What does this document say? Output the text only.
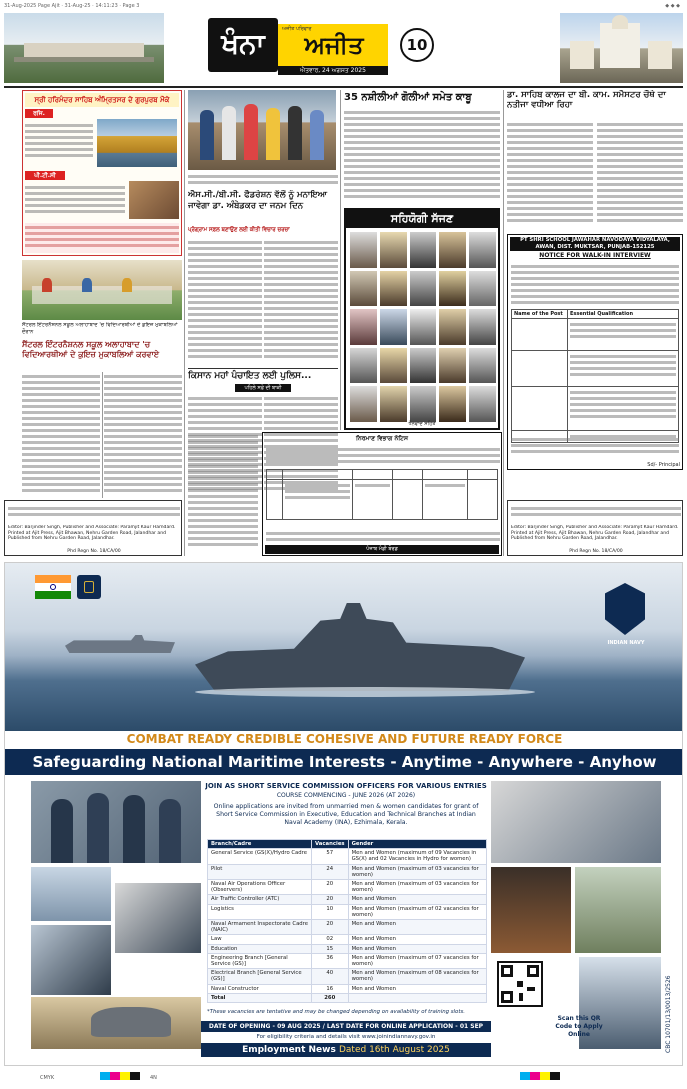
31-Aug-2025 Page Ajit · 31-Aug-25 · 14:11:23 · Page 3	◆ ◆ ◆
ਖੰਨਾ	ਅਜੀਤ ਪਰਿਵਾਰ
ਅਜੀਤ
ਐਤਵਾਰ, 24 ਅਗਸਤ 2025
10
ਸ੍ਰੀ ਹਰਿਮੰਦਰ ਸਾਹਿਬ ਅੰਮ੍ਰਿਤਸਰ ਦੇ ਗੁਰਪੁਰਬ ਮੌਕੇ
ਰਜਿ.
ਪੀ.ਟੀ.ਸੀ
ਸੈਂਟਰਲ ਇੰਟਰਨੈਸ਼ਨਲ ਸਕੂਲ ਅਲਾਹਾਬਾਦ 'ਚ ਵਿਦਿਆਰਥੀਆਂ ਦੇ ਕੁਇਜ਼ ਮੁਕਾਬਲਿਆਂ ਦੌਰਾਨ
ਸੈਂਟਰਲ ਇੰਟਰਨੈਸ਼ਨਲ ਸਕੂਲ ਅਲਾਹਾਬਾਦ 'ਚ ਵਿਦਿਆਰਥੀਆਂ ਦੇ ਕੁਇਜ਼ ਮੁਕਾਬਲਿਆਂ ਕਰਵਾਏ
Editor: Barjinder Singh, Publisher and Associate: Paramjit Kaur Hamdard. Printed at Ajit Press, Ajit Bhawan, Nehru Garden Road, Jalandhar and Published from Nehru Garden Road, Jalandhar.
Phd Regn No. 18/CA/00
ਐਸ.ਸੀ./ਬੀ.ਸੀ. ਫੈਡਰੇਸ਼ਨ ਵੱਲੋਂ ਨੂੰ ਮਨਾਇਆ ਜਾਵੇਗਾ ਡਾ. ਅੰਬੇਡਕਰ ਦਾ ਜਨਮ ਦਿਨ
ਪ੍ਰੋਗ੍ਰਾਮ ਸਫ਼ਲ ਬਣਾਉਣ ਲਈ ਕੀਤੀ ਵਿਚਾਰ ਚਰਚਾ
ਕਿਸਾਨ ਮਹਾਂ ਪੰਚਾਇਤ ਲਈ ਪੁਲਿਸ...
ਪਹਿਲੇ ਸਫ਼ੇ ਦੀ ਬਾਕੀ
35 ਨਸ਼ੀਲੀਆਂ ਗੋਲੀਆਂ ਸਮੇਤ ਕਾਬੂ
ਸਹਿਯੋਗੀ ਸੱਜਣ
ਧੰਨਵਾਦ ਸਹਿਤ
ਡਾ. ਸਾਹਿਬ ਕਾਲਜ ਦਾ ਬੀ. ਕਾਮ. ਸਮੈਸਟਰ ਚੌਥੇ ਦਾ ਨਤੀਜਾ ਵਧੀਆ ਰਿਹਾ
PT SHRI SCHOOL JAWAHAR NAVODAYA VIDYALAYA, AWAN, DIST. MUKTSAR, PUNJAB-152125
NOTICE FOR WALK-IN INTERVIEW
Name of the Post	Essential Qualification

Sd/- Principal
ਨਿਰਮਾਣ ਵਿਭਾਗ ਨੋਟਿਸ

ਪੰਜਾਬ ਮੰਡੀ ਬੋਰਡ
Editor: Barjinder Singh, Publisher and Associate: Paramjit Kaur Hamdard. Printed at Ajit Press, Ajit Bhawan, Nehru Garden Road, Jalandhar and Published from Nehru Garden Road, Jalandhar.
Phd Regn No. 18/CA/00
INDIAN NAVY
COMBAT READY CREDIBLE COHESIVE AND FUTURE READY FORCE
Safeguarding National Maritime Interests - Anytime - Anywhere - Anyhow
Scan this QR Code to Apply Online	CBC 10701/13/0013/2526
JOIN AS SHORT SERVICE COMMISSION OFFICERS FOR VARIOUS ENTRIES
COURSE COMMENCING - JUNE 2026 (AT 2026)
Online applications are invited from unmarried men & women candidates for grant of Short Service Commission in Executive, Education and Technical Branches at Indian Naval Academy (INA), Ezhimala, Kerala.
Branch/Cadre	Vacancies	Gender
General Service (GS(X)/Hydro Cadre	57	Men and Women (maximum of 09 Vacancies in GS(X) and 02 Vacancies in Hydro for women)
Pilot	24	Men and Women (maximum of 03 vacancies for women)
Naval Air Operations Officer (Observers)	20	Men and Women (maximum of 03 vacancies for women)
Air Traffic Controller (ATC)	20	Men and Women
Logistics	10	Men and Women (maximum of 02 vacancies for women)
Naval Armament Inspectorate Cadre (NAIC)	20	Men and Women
Law	02	Men and Women
Education	15	Men and Women
Engineering Branch [General Service (GS)]	36	Men and Women (maximum of 07 vacancies for women)
Electrical Branch [General Service (GS)]	40	Men and Women (maximum of 08 vacancies for women)
Naval Constructor	16	Men and Women
Total	260	
*These vacancies are tentative and may be changed depending on availability of training slots.
DATE OF OPENING - 09 AUG 2025 / LAST DATE FOR ONLINE APPLICATION - 01 SEP
For eligibility criteria and details visit www.joinindiannavy.gov.in
Employment News Dated 16th August 2025
CMYK	4N
